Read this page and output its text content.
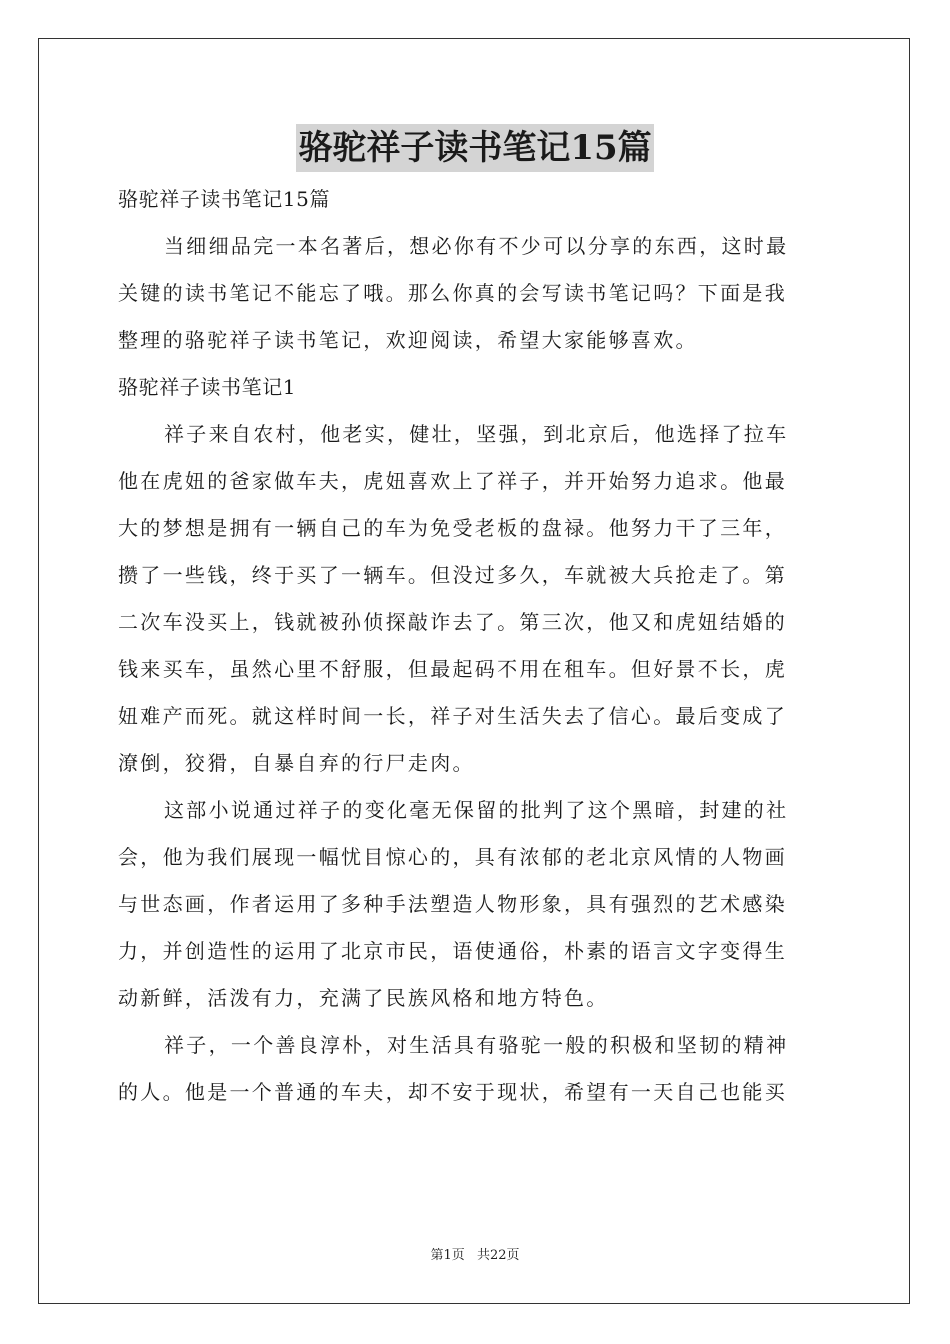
骆驼祥子读书笔记15篇
骆驼祥子读书笔记15篇
当细细品完一本名著后，想必你有不少可以分享的东西，这时最
关键的读书笔记不能忘了哦。那么你真的会写读书笔记吗？下面是我
整理的骆驼祥子读书笔记，欢迎阅读，希望大家能够喜欢。
骆驼祥子读书笔记1
祥子来自农村，他老实，健壮，坚强，到北京后，他选择了拉车
他在虎妞的爸家做车夫，虎妞喜欢上了祥子，并开始努力追求。他最
大的梦想是拥有一辆自己的车为免受老板的盘禄。他努力干了三年，
攒了一些钱，终于买了一辆车。但没过多久，车就被大兵抢走了。第
二次车没买上，钱就被孙侦探敲诈去了。第三次，他又和虎妞结婚的
钱来买车，虽然心里不舒服，但最起码不用在租车。但好景不长，虎
妞难产而死。就这样时间一长，祥子对生活失去了信心。最后变成了
潦倒，狡猾，自暴自弃的行尸走肉。
这部小说通过祥子的变化毫无保留的批判了这个黑暗，封建的社
会，他为我们展现一幅忧目惊心的，具有浓郁的老北京风情的人物画
与世态画，作者运用了多种手法塑造人物形象，具有强烈的艺术感染
力，并创造性的运用了北京市民，语使通俗，朴素的语言文字变得生
动新鲜，活泼有力，充满了民族风格和地方特色。
祥子，一个善良淳朴，对生活具有骆驼一般的积极和坚韧的精神
的人。他是一个普通的车夫，却不安于现状，希望有一天自己也能买
第1页 共22页
